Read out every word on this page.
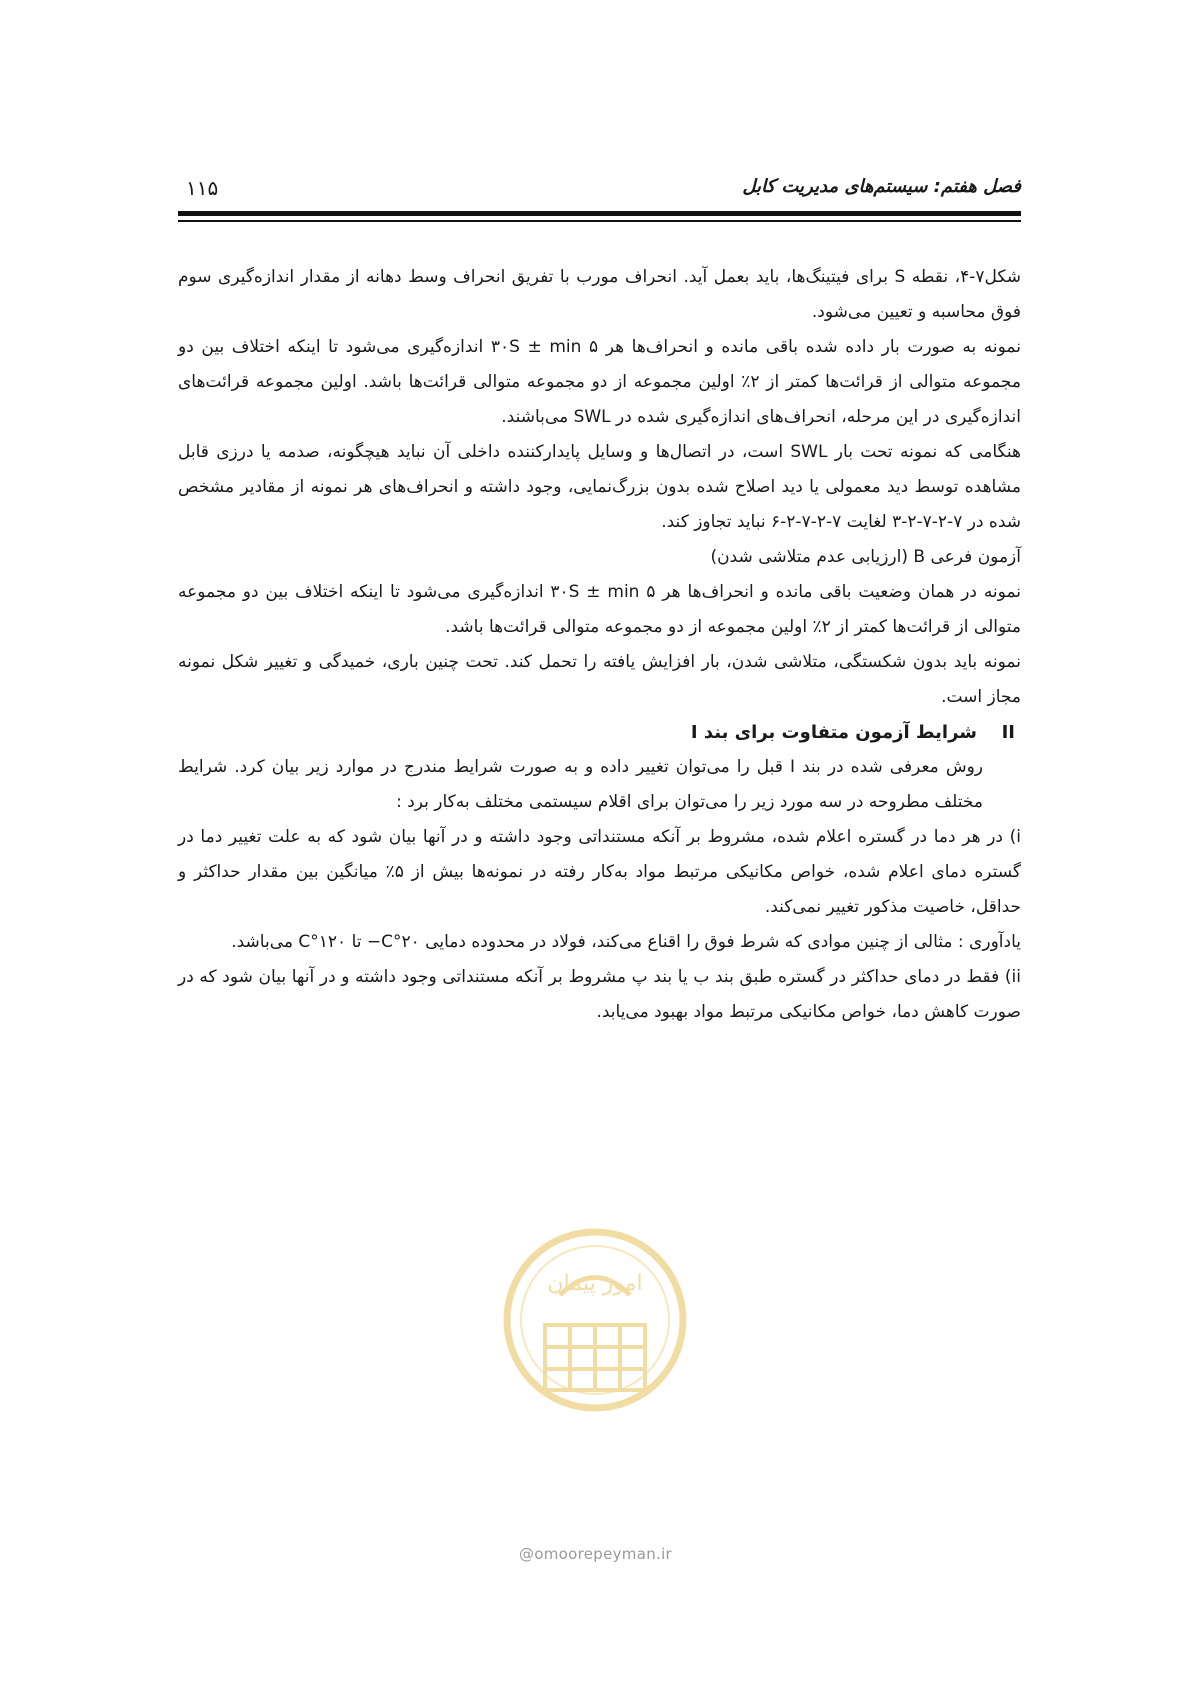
فصل هفتم: سیستم‌های مدیریت کابل
۱۱۵

شکل۷-۴، نقطه S برای فیتینگ‌ها، باید بعمل آید. انحراف مورب با تفریق انحراف وسط دهانه از مقدار اندازه‌گیری سوم فوق محاسبه و تعیین می‌شود.

نمونه به صورت بار داده شده باقی مانده و انحراف‌ها هر ۳۰S ± min ۵ اندازه‌گیری می‌شود تا اینکه اختلاف بین دو مجموعه متوالی از قرائت‌ها کمتر از ۲٪ اولین مجموعه از دو مجموعه متوالی قرائت‌ها باشد. اولین مجموعه قرائت‌های اندازه‌گیری در این مرحله، انحراف‌های اندازه‌گیری شده در SWL می‌باشند.

هنگامی که نمونه تحت بار SWL است، در اتصال‌ها و وسایل پایدارکننده داخلی آن نباید هیچگونه، صدمه یا درزی قابل مشاهده توسط دید معمولی یا دید اصلاح شده بدون بزرگ‌نمایی، وجود داشته و انحراف‌های هر نمونه از مقادیر مشخص شده در ۷-۲-۷-۲-۳ لغایت ۷-۲-۷-۲-۶ نباید تجاوز کند.

آزمون فرعی B (ارزیابی عدم متلاشی شدن)

نمونه در همان وضعیت باقی مانده و انحراف‌ها هر ۳۰S ± min ۵ اندازه‌گیری می‌شود تا اینکه اختلاف بین دو مجموعه متوالی از قرائت‌ها کمتر از ۲٪ اولین مجموعه از دو مجموعه متوالی قرائت‌ها باشد.

نمونه باید بدون شکستگی، متلاشی شدن، بار افزایش یافته را تحمل کند. تحت چنین باری، خمیدگی و تغییر شکل نمونه مجاز است.

IIشرایط آزمون متفاوت برای بند I

روش معرفی شده در بند I قبل را می‌توان تغییر داده و به صورت شرایط مندرج در موارد زیر بیان کرد. شرایط مختلف مطروحه در سه مورد زیر را می‌توان برای اقلام سیستمی مختلف به‌کار برد :

i) در هر دما در گستره اعلام شده، مشروط بر آنکه مستنداتی وجود داشته و در آنها بیان شود که به علت تغییر دما در گستره دمای اعلام شده، خواص مکانیکی مرتبط مواد به‌کار رفته در نمونه‌ها بیش از ۵٪ میانگین بین مقدار حداکثر و حداقل، خاصیت مذکور تغییر نمی‌کند.

یادآوری : مثالی از چنین موادی که شرط فوق را اقناع می‌کند، فولاد در محدوده دمایی ۲۰°C− تا ۱۲۰°C می‌باشد.

ii) فقط در دمای حداکثر در گستره طبق بند ب یا بند پ مشروط بر آنکه مستنداتی وجود داشته و در آنها بیان شود که در صورت کاهش دما، خواص مکانیکی مرتبط مواد بهبود می‌یابد.

امور پیمان
@omoorepeyman.ir
